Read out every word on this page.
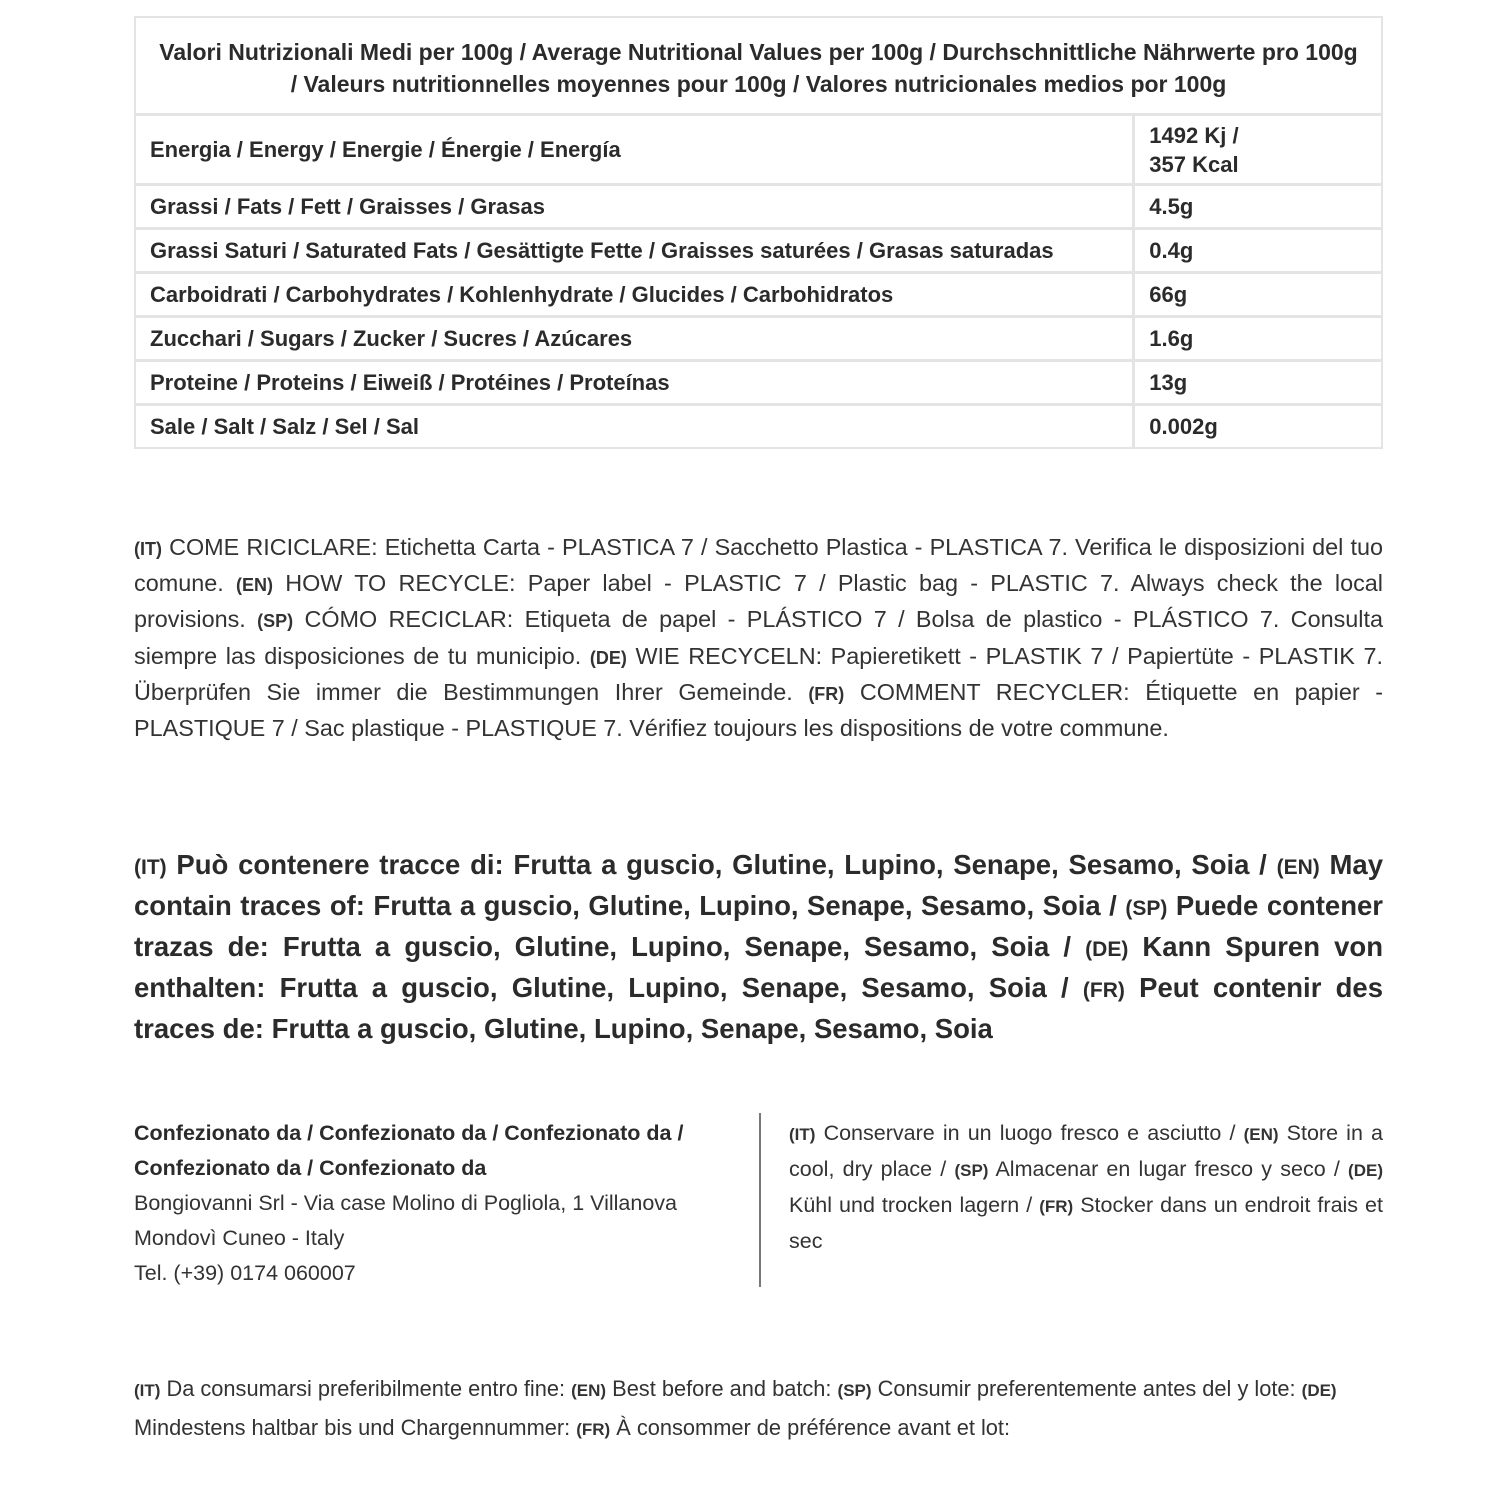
Valori Nutrizionali Medi per 100g / Average Nutritional Values per 100g / Durchschnittliche Nährwerte pro 100g / Valeurs nutritionnelles moyennes pour 100g / Valores nutricionales medios por 100g	
Energia / Energy / Energie / Énergie / Energía	1492 Kj /
357 Kcal
Grassi / Fats / Fett / Graisses / Grasas	4.5g
Grassi Saturi / Saturated Fats / Gesättigte Fette / Graisses saturées / Grasas saturadas	0.4g
Carboidrati / Carbohydrates / Kohlenhydrate / Glucides / Carbohidratos	66g
Zucchari / Sugars / Zucker / Sucres / Azúcares	1.6g
Proteine / Proteins / Eiweiß / Protéines / Proteínas	13g
Sale / Salt / Salz / Sel / Sal	0.002g

(IT) COME RICICLARE: Etichetta Carta - PLASTICA 7 / Sacchetto Plastica - PLASTICA 7. Verifica le disposizioni del tuo comune. (EN) HOW TO RECYCLE: Paper label - PLASTIC 7 / Plastic bag - PLASTIC 7. Always check the local provisions. (SP) CÓMO RECICLAR: Etiqueta de papel - PLÁSTICO 7 / Bolsa de plastico - PLÁSTICO 7. Consulta siempre las disposiciones de tu municipio. (DE) WIE RECYCELN: Papieretikett - PLASTIK 7 / Papiertüte - PLASTIK 7. Überprüfen Sie immer die Bestimmungen Ihrer Gemeinde. (FR) COMMENT RECYCLER: Étiquette en papier - PLASTIQUE 7 / Sac plastique - PLASTIQUE 7. Vérifiez toujours les dispositions de votre commune.

(IT) Può contenere tracce di: Frutta a guscio, Glutine, Lupino, Senape, Sesamo, Soia / (EN) May contain traces of: Frutta a guscio, Glutine, Lupino, Senape, Sesamo, Soia / (SP) Puede contener trazas de: Frutta a guscio, Glutine, Lupino, Senape, Sesamo, Soia / (DE) Kann Spuren von enthalten: Frutta a guscio, Glutine, Lupino, Senape, Sesamo, Soia / (FR) Peut contenir des traces de: Frutta a guscio, Glutine, Lupino, Senape, Sesamo, Soia

Confezionato da / Confezionato da / Confezionato da /
Confezionato da / Confezionato da
Bongiovanni Srl - Via case Molino di Pogliola, 1 Villanova
Mondovì Cuneo - Italy
Tel. (+39) 0174 060007

(IT) Conservare in un luogo fresco e asciutto / (EN) Store in a cool, dry place / (SP) Almacenar en lugar fresco y seco / (DE) Kühl und trocken lagern / (FR) Stocker dans un endroit frais et sec

(IT) Da consumarsi preferibilmente entro fine: (EN) Best before and batch: (SP) Consumir preferentemente antes del y lote: (DE) Mindestens haltbar bis und Chargennummer: (FR) À consommer de préférence avant et lot:
